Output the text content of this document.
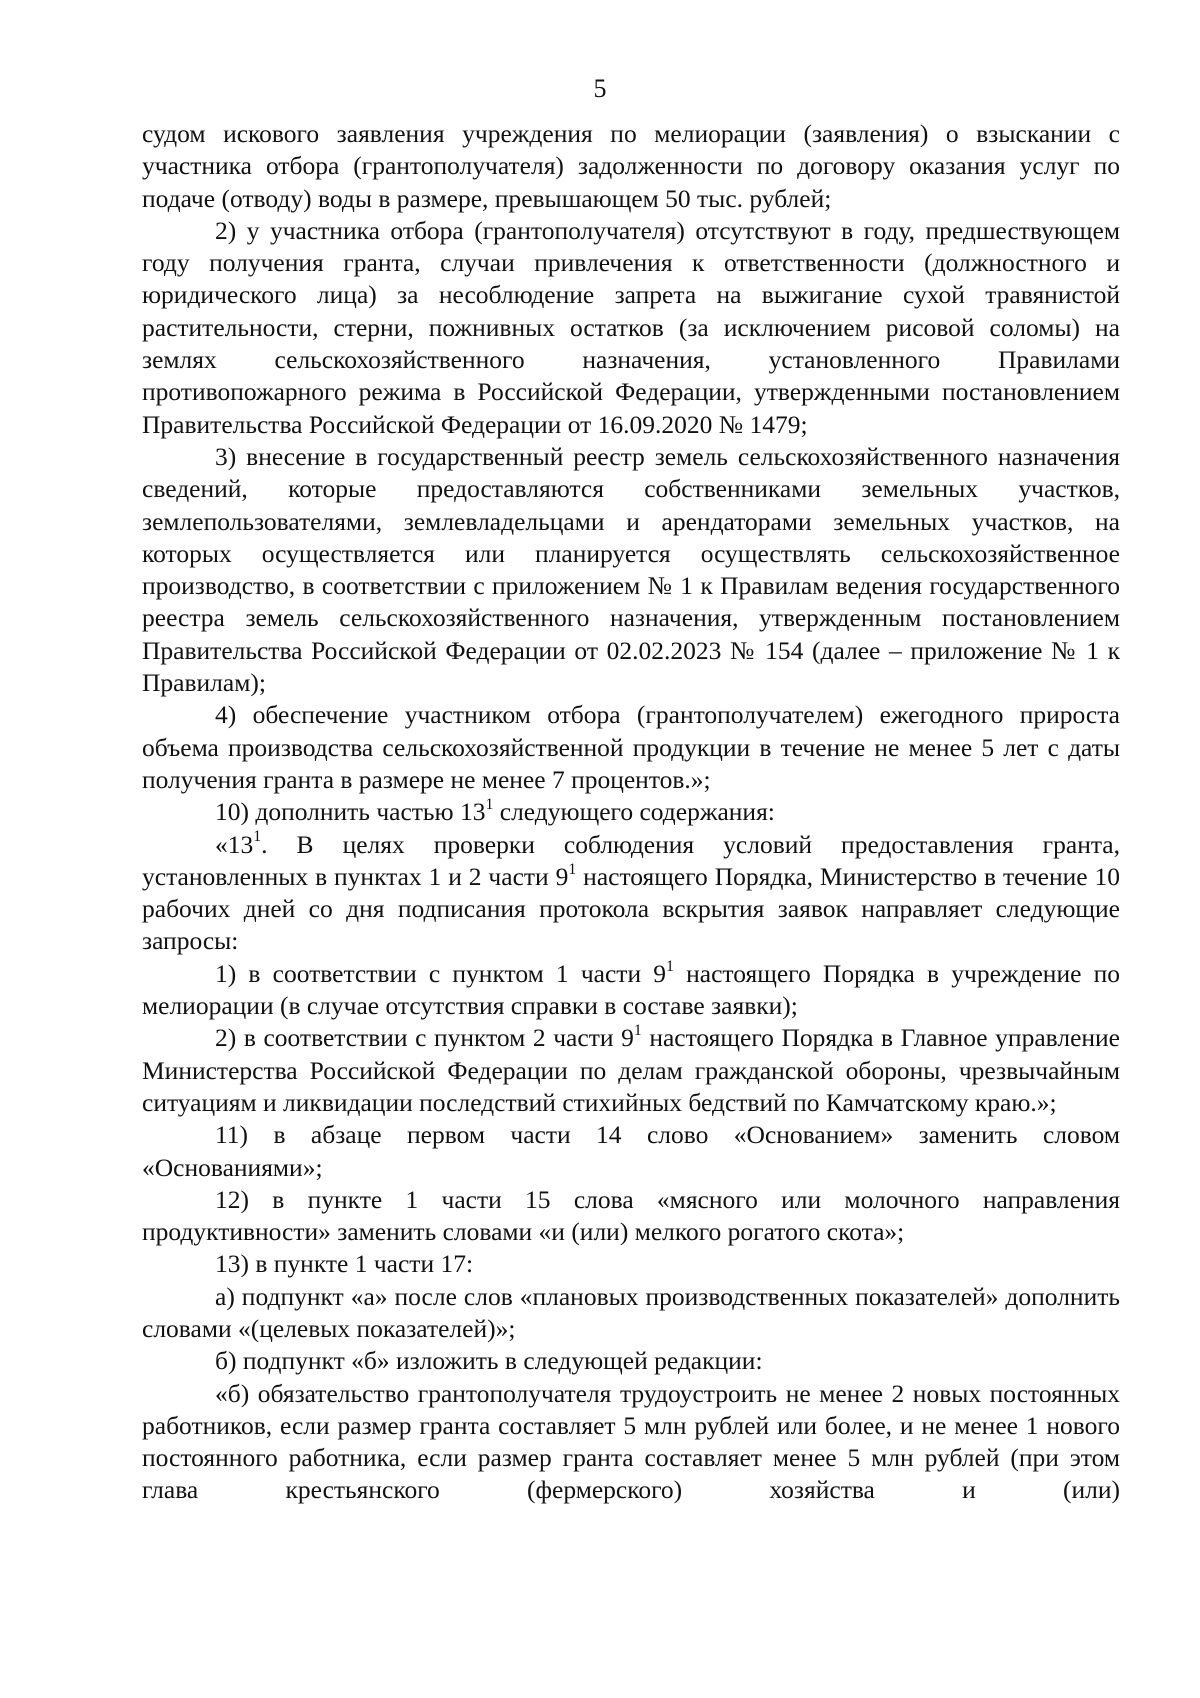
5

судом искового заявления учреждения по мелиорации (заявления) о взыскании с участника отбора (грантополучателя) задолженности по договору оказания услуг по подаче (отводу) воды в размере, превышающем 50 тыс. рублей;

2) у участника отбора (грантополучателя) отсутствуют в году, предшествующем году получения гранта, случаи привлечения к ответственности (должностного и юридического лица) за несоблюдение запрета на выжигание сухой травянистой растительности, стерни, пожнивных остатков (за исключением рисовой соломы) на землях сельскохозяйственного назначения, установленного Правилами противопожарного режима в Российской Федерации, утвержденными постановлением Правительства Российской Федерации от 16.09.2020 № 1479;

3) внесение в государственный реестр земель сельскохозяйственного назначения сведений, которые предоставляются собственниками земельных участков, землепользователями, землевладельцами и арендаторами земельных участков, на которых осуществляется или планируется осуществлять сельскохозяйственное производство, в соответствии с приложением № 1 к Правилам ведения государственного реестра земель сельскохозяйственного назначения, утвержденным постановлением Правительства Российской Федерации от 02.02.2023 № 154 (далее – приложение № 1 к Правилам);

4) обеспечение участником отбора (грантополучателем) ежегодного прироста объема производства сельскохозяйственной продукции в течение не менее 5 лет с даты получения гранта в размере не менее 7 процентов.»;

10) дополнить частью $13^1$ следующего содержания:

«$13^1$. В целях проверки соблюдения условий предоставления гранта, установленных в пунктах 1 и 2 части $9^1$ настоящего Порядка, Министерство в течение 10 рабочих дней со дня подписания протокола вскрытия заявок направляет следующие запросы:

1) в соответствии с пунктом 1 части $9^1$ настоящего Порядка в учреждение по мелиорации (в случае отсутствия справки в составе заявки);

2) в соответствии с пунктом 2 части $9^1$ настоящего Порядка в Главное управление Министерства Российской Федерации по делам гражданской обороны, чрезвычайным ситуациям и ликвидации последствий стихийных бедствий по Камчатскому краю.»;

11) в абзаце первом части 14 слово «Основанием» заменить словом «Основаниями»;

12) в пункте 1 части 15 слова «мясного или молочного направления продуктивности» заменить словами «и (или) мелкого рогатого скота»;

13) в пункте 1 части 17:

а) подпункт «а» после слов «плановых производственных показателей» дополнить словами «(целевых показателей)»;

б) подпункт «б» изложить в следующей редакции:

«б) обязательство грантополучателя трудоустроить не менее 2 новых постоянных работников, если размер гранта составляет 5 млн рублей или более, и не менее 1 нового постоянного работника, если размер гранта составляет менее 5 млн рублей (при этом глава крестьянского (фермерского) хозяйства и (или)
